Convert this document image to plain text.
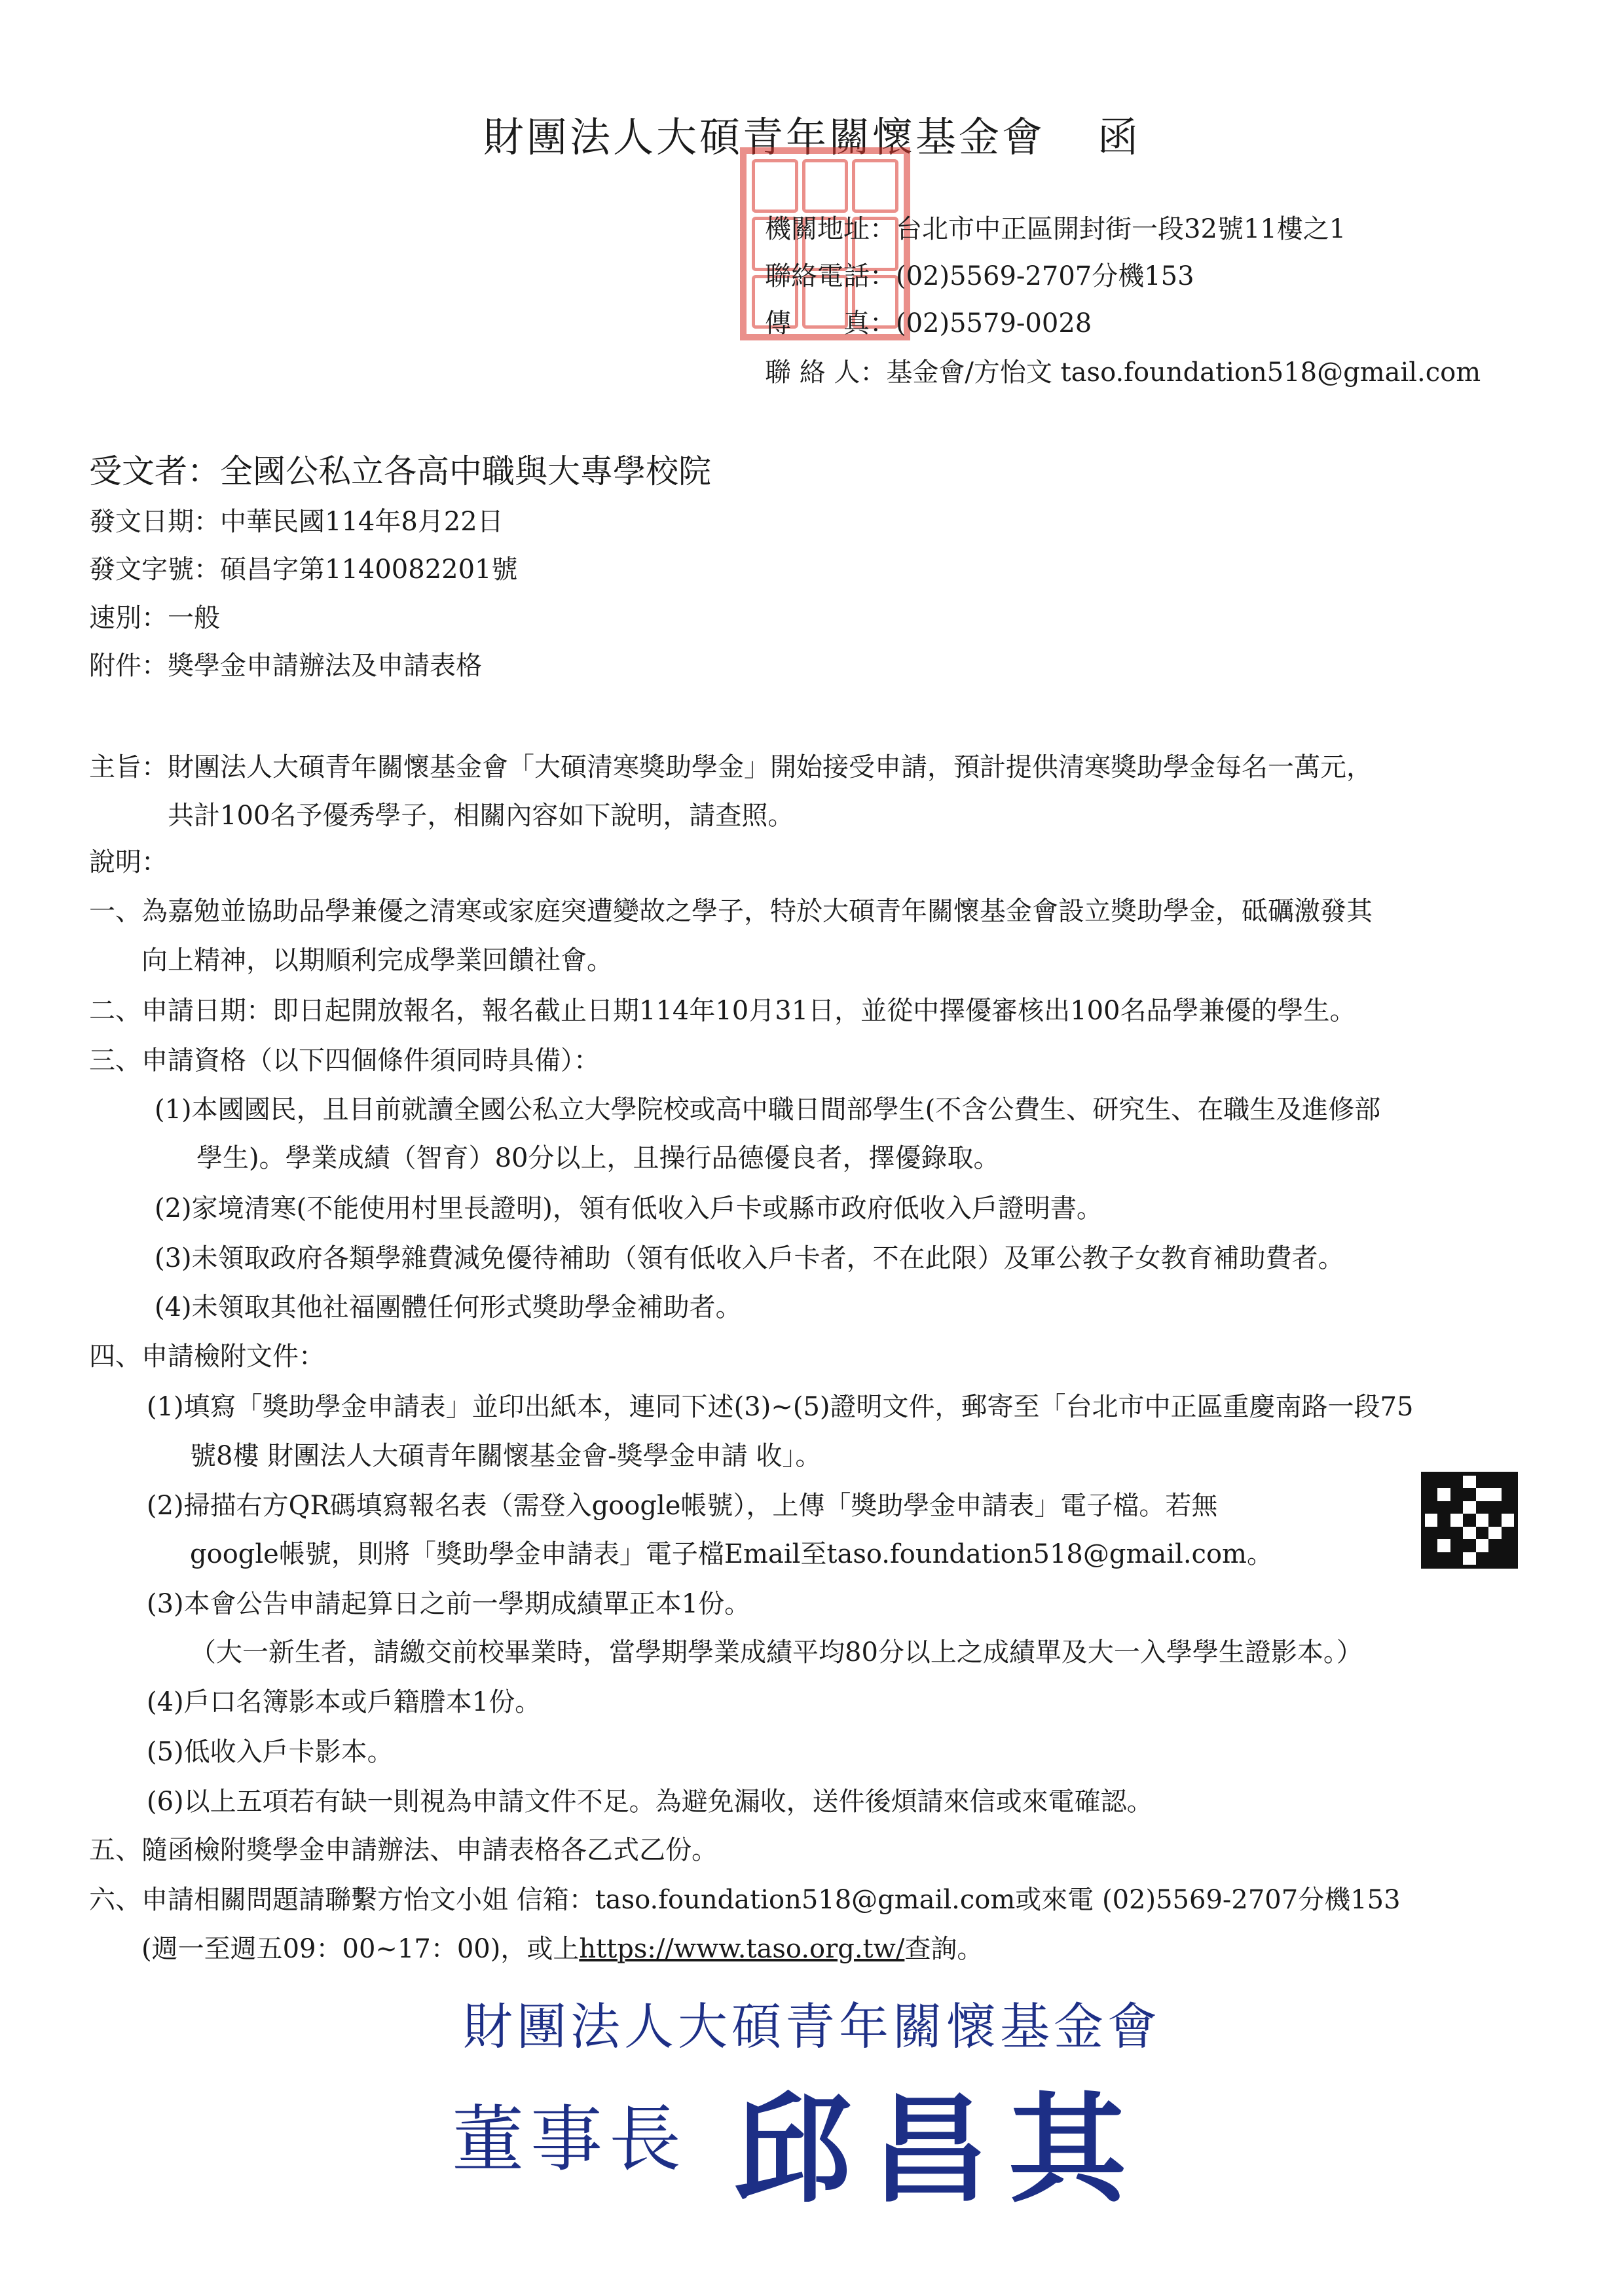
財團法人大碩青年關懷基金會 函
機關地址：台北市中正區開封街一段32號11樓之1
聯絡電話：(02)5569-2707分機153
傳　　真：(02)5579-0028
聯 絡 人：基金會/方怡文 taso.foundation518@gmail.com
受文者：全國公私立各高中職與大專學校院
發文日期：中華民國114年8月22日
發文字號：碩昌字第1140082201號
速別：一般
附件：獎學金申請辦法及申請表格
主旨：財團法人大碩青年關懷基金會「大碩清寒獎助學金」開始接受申請，預計提供清寒獎助學金每名一萬元，
共計100名予優秀學子，相關內容如下說明，請查照。
說明：
一、為嘉勉並協助品學兼優之清寒或家庭突遭變故之學子，特於大碩青年關懷基金會設立獎助學金，砥礪激發其
向上精神，以期順利完成學業回饋社會。
二、申請日期：即日起開放報名，報名截止日期114年10月31日，並從中擇優審核出100名品學兼優的學生。
三、申請資格（以下四個條件須同時具備）：
(1)本國國民，且目前就讀全國公私立大學院校或高中職日間部學生(不含公費生、研究生、在職生及進修部
學生)。學業成績（智育）80分以上，且操行品德優良者，擇優錄取。
(2)家境清寒(不能使用村里長證明)，領有低收入戶卡或縣市政府低收入戶證明書。
(3)未領取政府各類學雜費減免優待補助（領有低收入戶卡者，不在此限）及軍公教子女教育補助費者。
(4)未領取其他社福團體任何形式獎助學金補助者。
四、申請檢附文件：
(1)填寫「獎助學金申請表」並印出紙本，連同下述(3)~(5)證明文件，郵寄至「台北市中正區重慶南路一段75
號8樓 財團法人大碩青年關懷基金會-獎學金申請 收」。
(2)掃描右方QR碼填寫報名表（需登入google帳號），上傳「獎助學金申請表」電子檔。若無
google帳號，則將「獎助學金申請表」電子檔Email至taso.foundation518@gmail.com。
(3)本會公告申請起算日之前一學期成績單正本1份。
（大一新生者，請繳交前校畢業時，當學期學業成績平均80分以上之成績單及大一入學學生證影本。）
(4)戶口名簿影本或戶籍謄本1份。
(5)低收入戶卡影本。
(6)以上五項若有缺一則視為申請文件不足。為避免漏收，送件後煩請來信或來電確認。
五、隨函檢附獎學金申請辦法、申請表格各乙式乙份。
六、申請相關問題請聯繫方怡文小姐 信箱：taso.foundation518@gmail.com或來電 (02)5569-2707分機153
(週一至週五09：00~17：00)，或上https://www.taso.org.tw/查詢。
財團法人大碩青年關懷基金會
董事長 邱昌其
